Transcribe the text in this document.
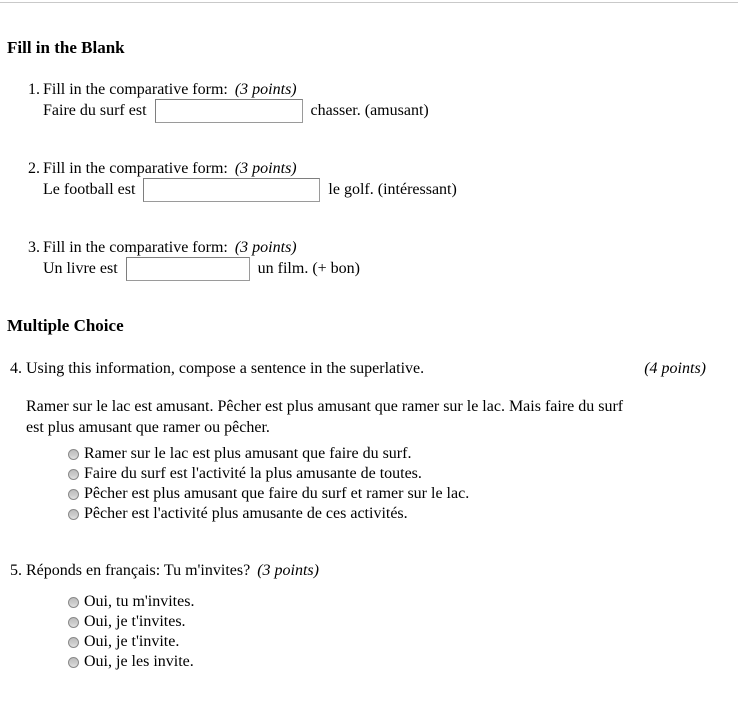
Fill in the Blank
1. Fill in the comparative form: (3 points)
Faire du surf est	chasser. (amusant)
2. Fill in the comparative form: (3 points)
Le football est	le golf. (intéressant)
3. Fill in the comparative form: (3 points)
Un livre est	un film. (+ bon)
Multiple Choice
4. Using this information, compose a sentence in the superlative.	(4 points)

Ramer sur le lac est amusant. Pêcher est plus amusant que ramer sur le lac. Mais faire du surf est plus amusant que ramer ou pêcher.

Ramer sur le lac est plus amusant que faire du surf.
Faire du surf est l'activité la plus amusante de toutes.
Pêcher est plus amusant que faire du surf et ramer sur le lac.
Pêcher est l'activité plus amusante de ces activités.
5. Réponds en français: Tu m'invites? (3 points)
Oui, tu m'invites.
Oui, je t'invites.
Oui, je t'invite.
Oui, je les invite.
